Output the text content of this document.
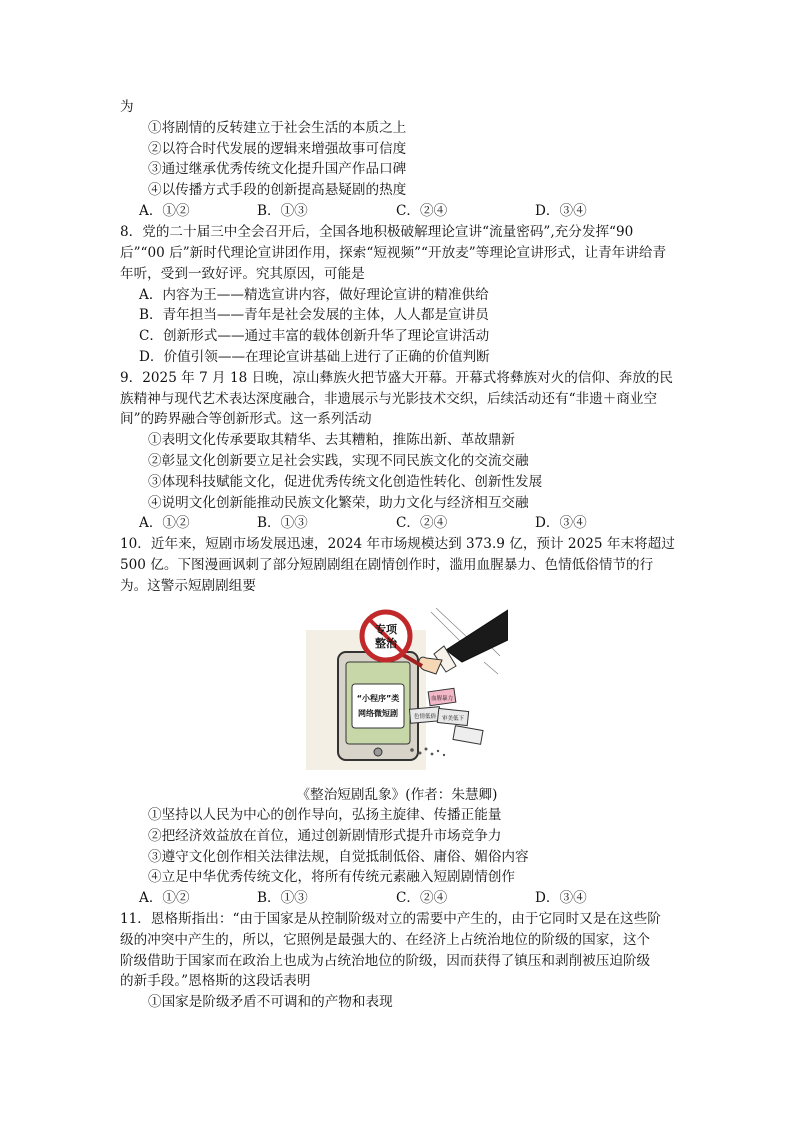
为
①将剧情的反转建立于社会生活的本质之上
②以符合时代发展的逻辑来增强故事可信度
③通过继承优秀传统文化提升国产作品口碑
④以传播方式手段的创新提高悬疑剧的热度
A．①②	B．①③	C．②④	D．③④
8．党的二十届三中全会召开后，全国各地积极破解理论宣讲“流量密码”,充分发挥“90
后”“00 后”新时代理论宣讲团作用，探索“短视频”“开放麦”等理论宣讲形式，让青年讲给青
年听，受到一致好评。究其原因，可能是
A．内容为王——精选宣讲内容，做好理论宣讲的精准供给
B．青年担当——青年是社会发展的主体，人人都是宣讲员
C．创新形式——通过丰富的载体创新升华了理论宣讲活动
D．价值引领——在理论宣讲基础上进行了正确的价值判断
9．2025 年 7 月 18 日晚，凉山彝族火把节盛大开幕。开幕式将彝族对火的信仰、奔放的民
族精神与现代艺术表达深度融合，非遗展示与光影技术交织，后续活动还有“非遗＋商业空
间”的跨界融合等创新形式。这一系列活动
①表明文化传承要取其精华、去其糟粕，推陈出新、革故鼎新
②彰显文化创新要立足社会实践，实现不同民族文化的交流交融
③体现科技赋能文化，促进优秀传统文化创造性转化、创新性发展
④说明文化创新能推动民族文化繁荣，助力文化与经济相互交融
A．①②	B．①③	C．②④	D．③④
10．近年来，短剧市场发展迅速，2024 年市场规模达到 373.9 亿，预计 2025 年末将超过
500 亿。下图漫画讽刺了部分短剧剧组在剧情创作时，滥用血腥暴力、色情低俗情节的行
为。这警示短剧剧组要
“小程序”类
网络微短剧	色情低俗
血腥暴力
审美低下
专项
整治
《整治短剧乱象》(作者：朱慧卿)
①坚持以人民为中心的创作导向，弘扬主旋律、传播正能量
②把经济效益放在首位，通过创新剧情形式提升市场竞争力
③遵守文化创作相关法律法规，自觉抵制低俗、庸俗、媚俗内容
④立足中华优秀传统文化，将所有传统元素融入短剧剧情创作
A．①②	B．①③	C．②④	D．③④
11．恩格斯指出：“由于国家是从控制阶级对立的需要中产生的，由于它同时又是在这些阶
级的冲突中产生的，所以，它照例是最强大的、在经济上占统治地位的阶级的国家，这个
阶级借助于国家而在政治上也成为占统治地位的阶级，因而获得了镇压和剥削被压迫阶级
的新手段。”恩格斯的这段话表明
①国家是阶级矛盾不可调和的产物和表现
